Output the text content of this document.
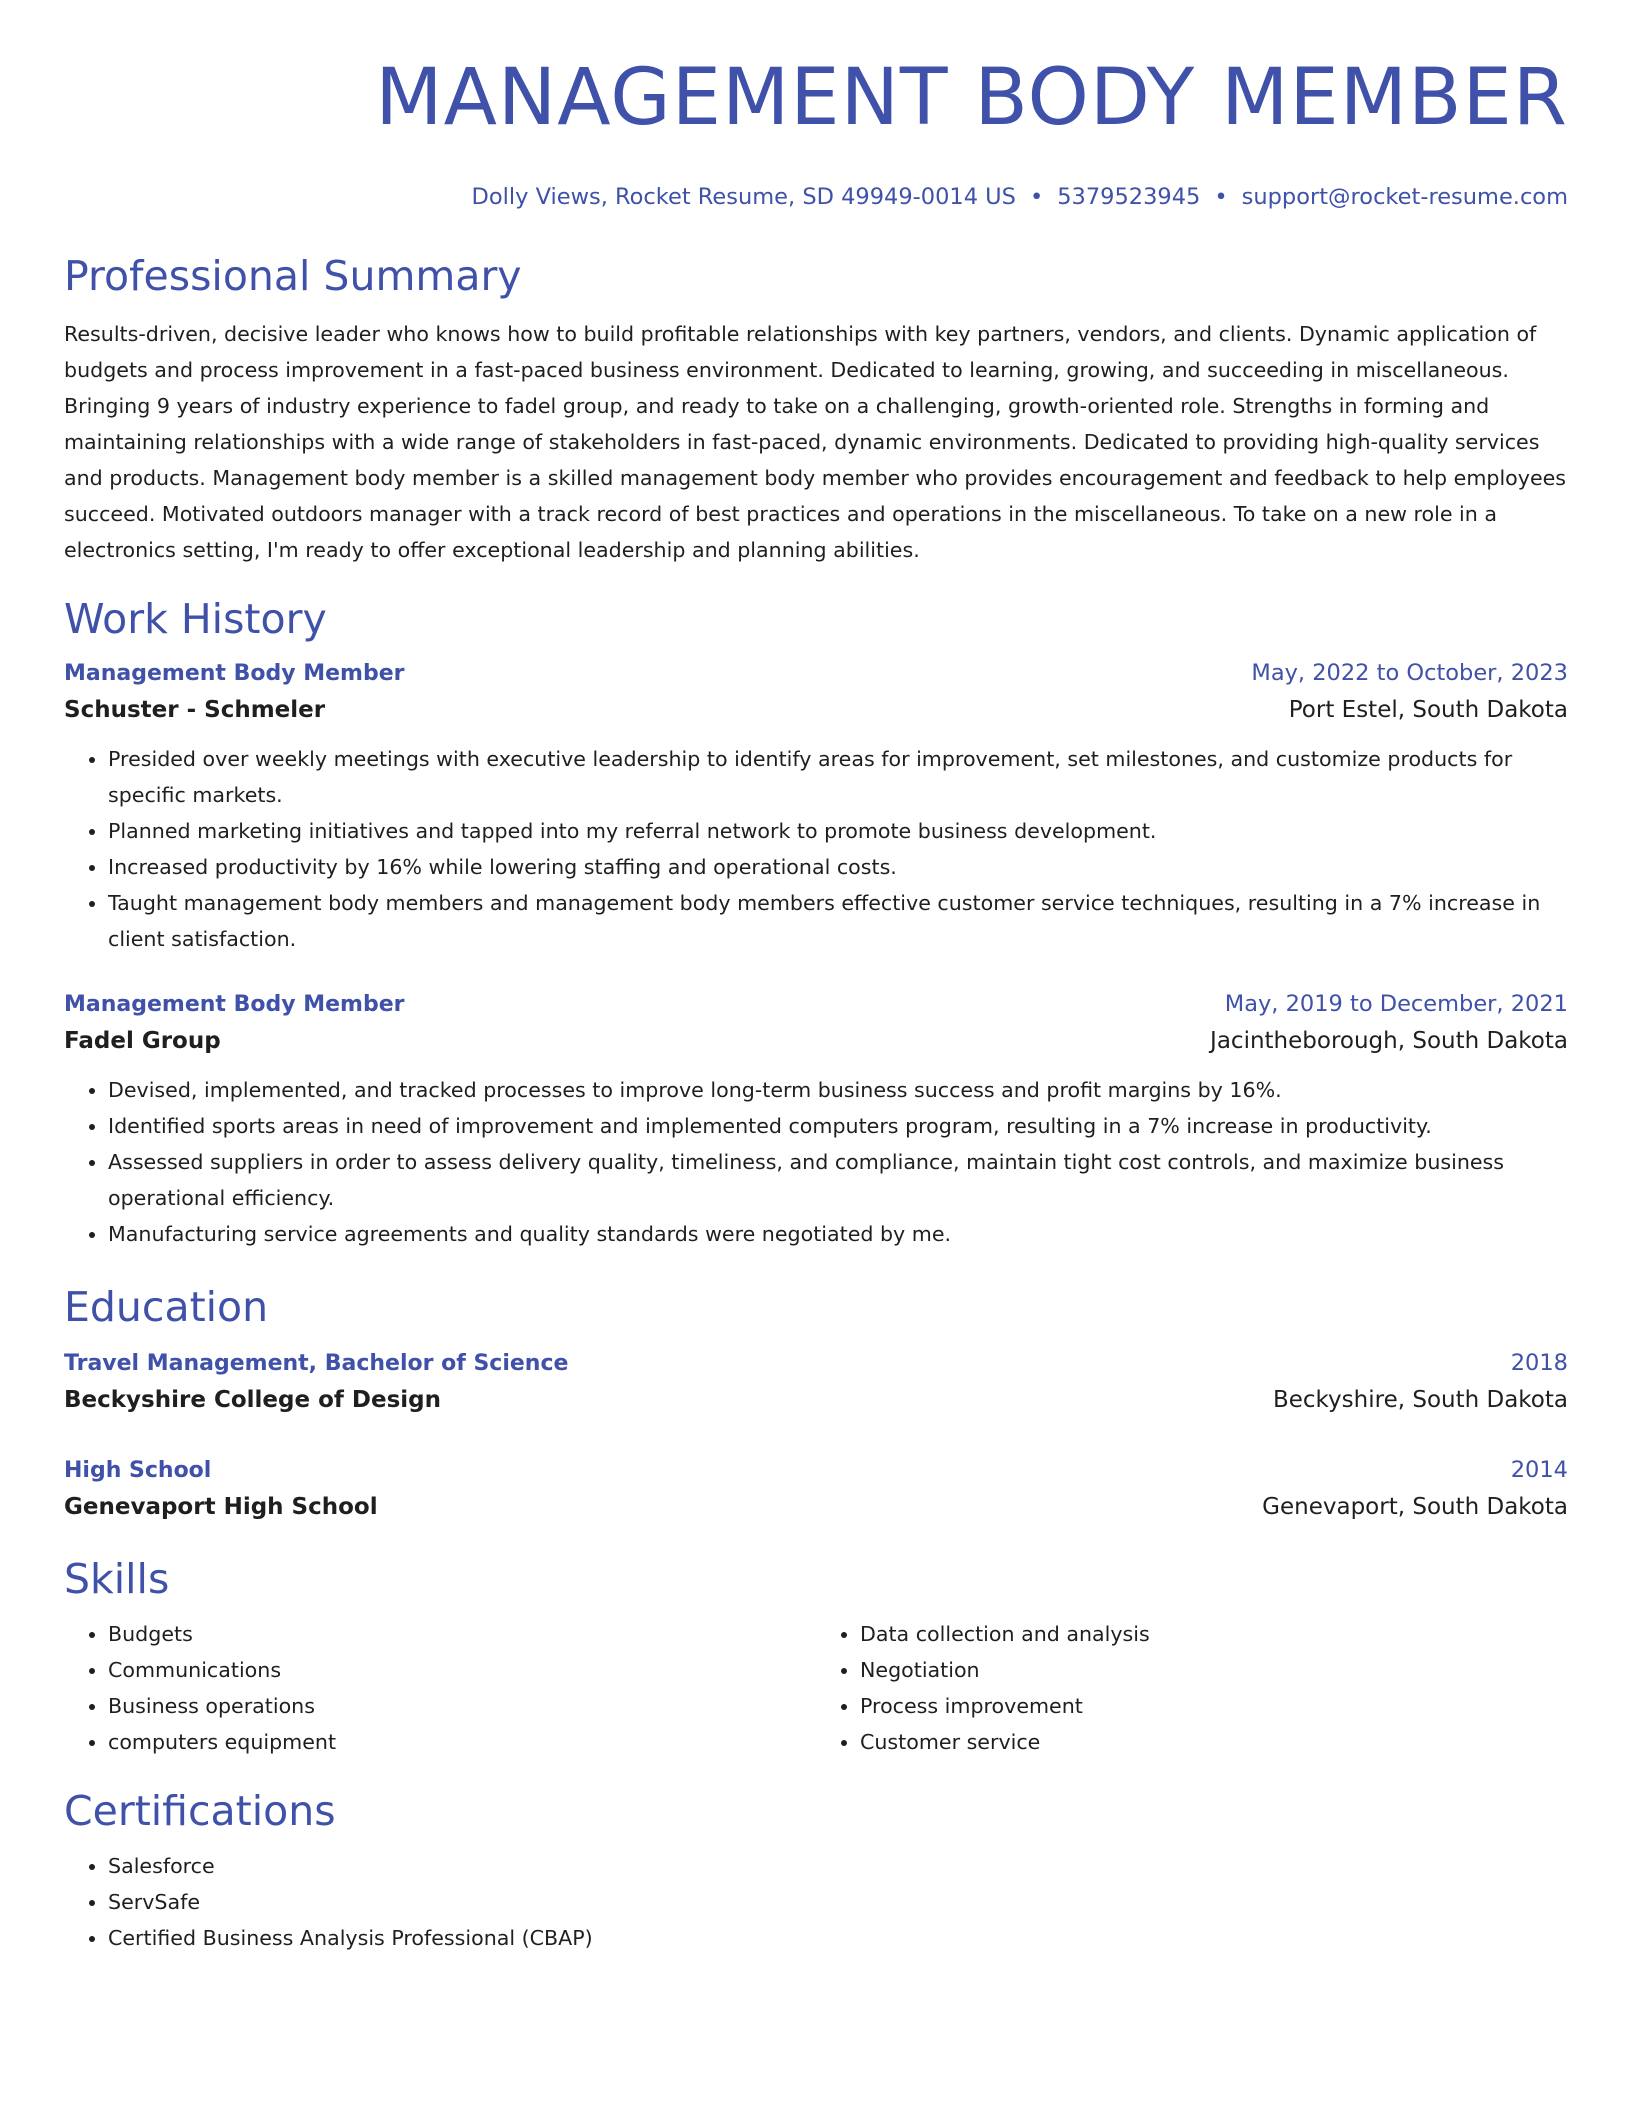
MANAGEMENT BODY MEMBER
Dolly Views, Rocket Resume, SD 49949-0014 US • 5379523945 • support@rocket-resume.com
Professional Summary
Results-driven, decisive leader who knows how to build profitable relationships with key partners, vendors, and clients. Dynamic application of budgets and process improvement in a fast-paced business environment. Dedicated to learning, growing, and succeeding in miscellaneous. Bringing 9 years of industry experience to fadel group, and ready to take on a challenging, growth-oriented role. Strengths in forming and maintaining relationships with a wide range of stakeholders in fast-paced, dynamic environments. Dedicated to providing high-quality services and products. Management body member is a skilled management body member who provides encouragement and feedback to help employees succeed. Motivated outdoors manager with a track record of best practices and operations in the miscellaneous. To take on a new role in a electronics setting, I'm ready to offer exceptional leadership and planning abilities.
Work History
Management Body Member	May, 2022 to October, 2023
Schuster - Schmeler	Port Estel, South Dakota
• Presided over weekly meetings with executive leadership to identify areas for improvement, set milestones, and customize products for specific markets.
• Planned marketing initiatives and tapped into my referral network to promote business development.
• Increased productivity by 16% while lowering staffing and operational costs.
• Taught management body members and management body members effective customer service techniques, resulting in a 7% increase in client satisfaction.
Management Body Member	May, 2019 to December, 2021
Fadel Group	Jacintheborough, South Dakota
• Devised, implemented, and tracked processes to improve long-term business success and profit margins by 16%.
• Identified sports areas in need of improvement and implemented computers program, resulting in a 7% increase in productivity.
• Assessed suppliers in order to assess delivery quality, timeliness, and compliance, maintain tight cost controls, and maximize business operational efficiency.
• Manufacturing service agreements and quality standards were negotiated by me.
Education
Travel Management, Bachelor of Science	2018
Beckyshire College of Design	Beckyshire, South Dakota
High School	2014
Genevaport High School	Genevaport, South Dakota
Skills
• Budgets
• Communications
• Business operations
• computers equipment
• Data collection and analysis
• Negotiation
• Process improvement
• Customer service
Certifications
• Salesforce
• ServSafe
• Certified Business Analysis Professional (CBAP)
